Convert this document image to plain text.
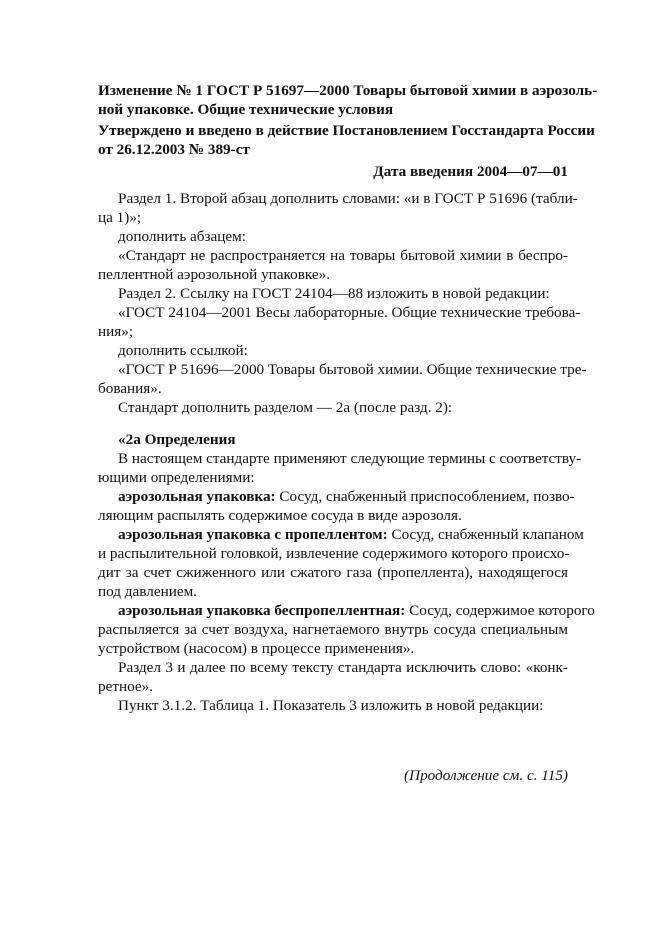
Изменение № 1 ГОСТ Р 51697—2000 Товары бытовой химии в аэрозоль-
ной упаковке. Общие технические условия
Утверждено и введено в действие Постановлением Госстандарта России
от 26.12.2003 № 389-ст
Дата введения 2004—07—01
Раздел 1. Второй абзац дополнить словами: «и в ГОСТ Р 51696 (табли-
ца 1)»;
дополнить абзацем:
«Стандарт не распространяется на товары бытовой химии в беспро-
пеллентной аэрозольной упаковке».
Раздел 2. Ссылку на ГОСТ 24104—88 изложить в новой редакции:
«ГОСТ 24104—2001 Весы лабораторные. Общие технические требова-
ния»;
дополнить ссылкой:
«ГОСТ Р 51696—2000 Товары бытовой химии. Общие технические тре-
бования».
Стандарт дополнить разделом — 2а (после разд. 2):
«2а Определения
В настоящем стандарте применяют следующие термины с соответству-
ющими определениями:
аэрозольная упаковка: Сосуд, снабженный приспособлением, позво-
ляющим распылять содержимое сосуда в виде аэрозоля.
аэрозольная упаковка с пропеллентом: Сосуд, снабженный клапаном
и распылительной головкой, извлечение содержимого которого происхо-
дит за счет сжиженного или сжатого газа (пропеллента), находящегося
под давлением.
аэрозольная упаковка беспропеллентная: Сосуд, содержимое которого
распыляется за счет воздуха, нагнетаемого внутрь сосуда специальным
устройством (насосом) в процессе применения».
Раздел 3 и далее по всему тексту стандарта исключить слово: «конк-
ретное».
Пункт 3.1.2. Таблица 1. Показатель 3 изложить в новой редакции:
(Продолжение см. с. 115)
